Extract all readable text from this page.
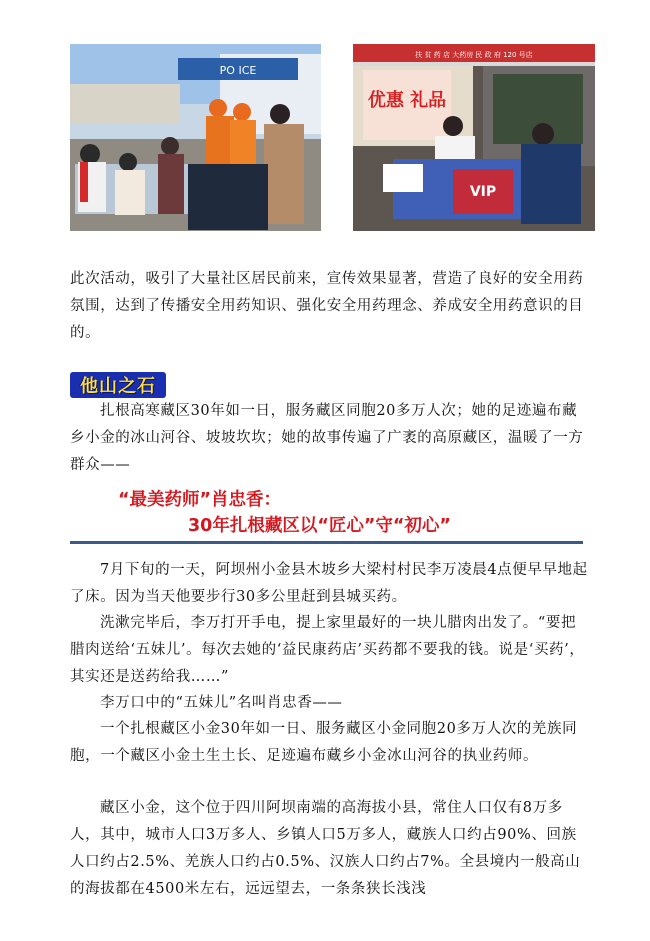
PO ICE
扶 贫 药 店 大药房 民 政 府 120 号店
优惠 礼品
VIP

此次活动，吸引了大量社区居民前来，宣传效果显著，营造了良好的安全用药氛围，达到了传播安全用药知识、强化安全用药理念、养成安全用药意识的目的。

他山之石

扎根高寒藏区30年如一日，服务藏区同胞20多万人次；她的足迹遍布藏乡小金的冰山河谷、坡坡坎坎；她的故事传遍了广袤的高原藏区，温暖了一方群众——

“最美药师”肖忠香：

30年扎根藏区以“匠心”守“初心”

7月下旬的一天，阿坝州小金县木坡乡大梁村村民李万凌晨4点便早早地起了床。因为当天他要步行30多公里赶到县城买药。

洗漱完毕后，李万打开手电，提上家里最好的一块儿腊肉出发了。“要把腊肉送给‘五妹儿’。每次去她的‘益民康药店’买药都不要我的钱。说是‘买药’，其实还是送药给我……”

李万口中的“五妹儿”名叫肖忠香——

一个扎根藏区小金30年如一日、服务藏区小金同胞20多万人次的羌族同胞，一个藏区小金土生土长、足迹遍布藏乡小金冰山河谷的执业药师。

藏区小金，这个位于四川阿坝南端的高海拔小县，常住人口仅有8万多人，其中，城市人口3万多人、乡镇人口5万多人，藏族人口约占90%、回族人口约占2.5%、羌族人口约占0.5%、汉族人口约占7%。全县境内一般高山的海拔都在4500米左右，远远望去，一条条狭长浅浅
